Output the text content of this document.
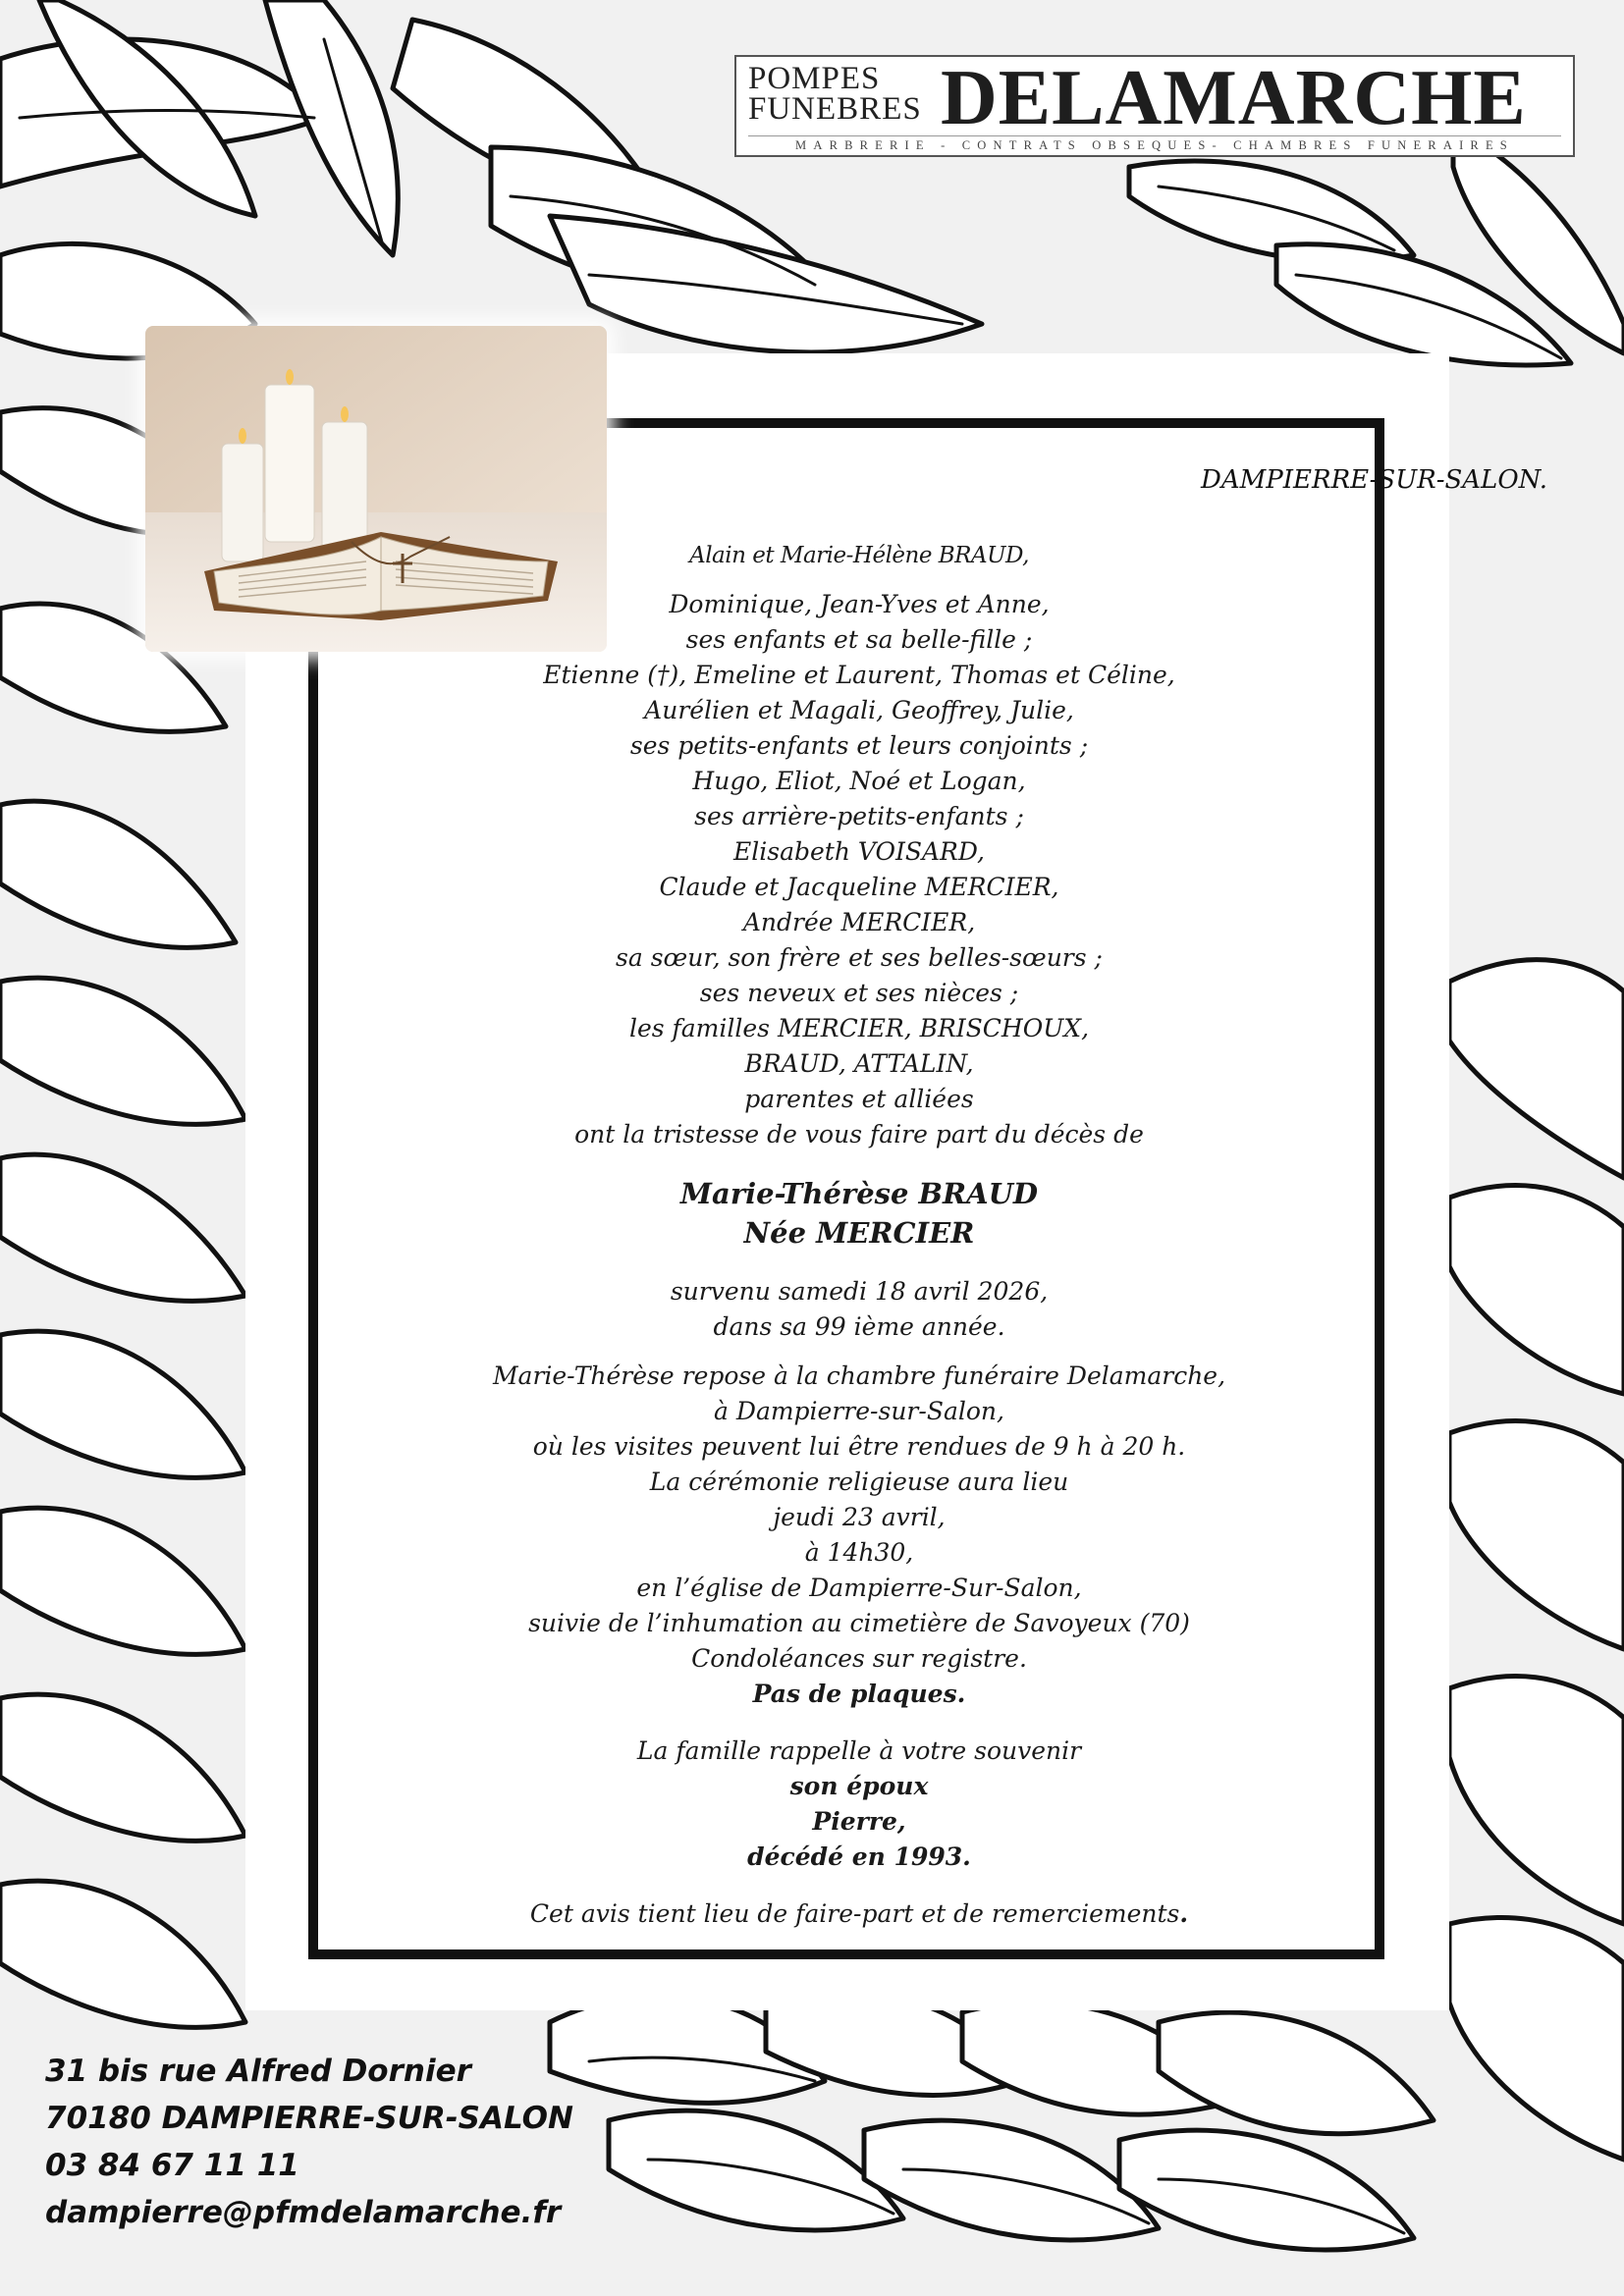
POMPES
FUNEBRES DELAMARCHE
MARBRERIE - CONTRATS OBSEQUES- CHAMBRES FUNERAIRES
DAMPIERRE-SUR-SALON.
Alain et Marie-Hélène BRAUD,
Dominique, Jean-Yves et Anne,
ses enfants et sa belle-fille ;
Etienne (†), Emeline et Laurent, Thomas et Céline,
Aurélien et Magali, Geoffrey, Julie,
ses petits-enfants et leurs conjoints ;
Hugo, Eliot, Noé et Logan,
ses arrière-petits-enfants ;
Elisabeth VOISARD,
Claude et Jacqueline MERCIER,
Andrée MERCIER,
sa sœur, son frère et ses belles-sœurs ;
ses neveux et ses nièces ;
les familles MERCIER, BRISCHOUX,
BRAUD, ATTALIN,
parentes et alliées
ont la tristesse de vous faire part du décès de
Marie-Thérèse BRAUD
Née MERCIER
survenu samedi 18 avril 2026,
dans sa 99 ième année.
Marie-Thérèse repose à la chambre funéraire Delamarche,
à Dampierre-sur-Salon,
où les visites peuvent lui être rendues de 9 h à 20 h.
La cérémonie religieuse aura lieu
jeudi 23 avril,
à 14h30,
en l’église de Dampierre-Sur-Salon,
suivie de l’inhumation au cimetière de Savoyeux (70)
Condoléances sur registre.
Pas de plaques.
La famille rappelle à votre souvenir
son époux
Pierre,
décédé en 1993.
Cet avis tient lieu de faire-part et de remerciements.
31 bis rue Alfred Dornier
70180 DAMPIERRE-SUR-SALON
03 84 67 11 11
dampierre@pfmdelamarche.fr
